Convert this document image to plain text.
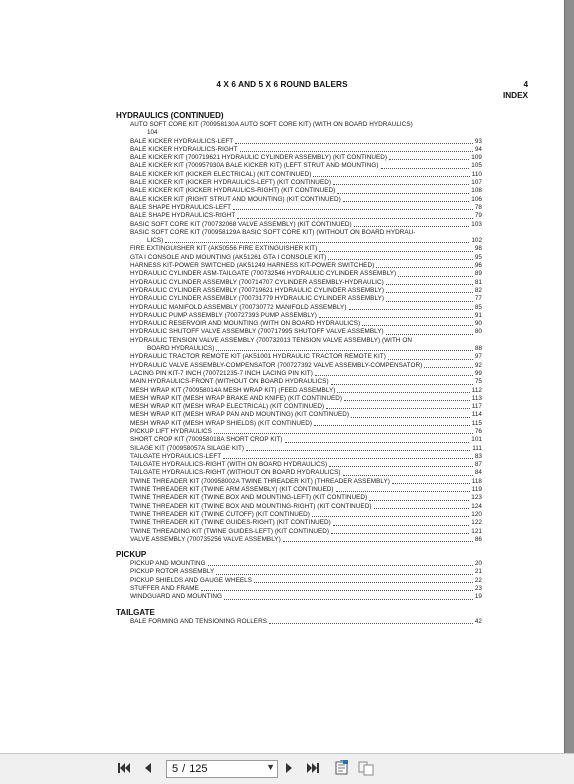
4 X 6 AND 5 X 6 ROUND BALERS	4
INDEX
HYDRAULICS (CONTINUED)
AUTO SOFT CORE KIT (700958130A AUTO SOFT CORE KIT) (WITH ON BOARD HYDRAULICS)
104
BALE KICKER HYDRAULICS-LEFT	93
BALE KICKER HYDRAULICS-RIGHT	94
BALE KICKER KIT (700719621 HYDRAULIC CYLINDER ASSEMBLY) (KIT CONTINUED)	109
BALE KICKER KIT (700957930A BALE KICKER KIT) (LEFT STRUT AND MOUNTING)	105
BALE KICKER KIT (KICKER ELECTRICAL) (KIT CONTINUED)	110
BALE KICKER KIT (KICKER HYDRAULICS-LEFT) (KIT CONTINUED)	107
BALE KICKER KIT (KICKER HYDRAULICS-RIGHT) (KIT CONTINUED)	108
BALE KICKER KIT (RIGHT STRUT AND MOUNTING) (KIT CONTINUED)	106
BALE SHAPE HYDRAULICS-LEFT	78
BALE SHAPE HYDRAULICS-RIGHT	79
BASIC SOFT CORE KIT (700732068 VALVE ASSEMBLY) (KIT CONTINUED)	103
BASIC SOFT CORE KIT (700958129A BASIC SOFT CORE KIT) (WITHOUT ON BOARD HYDRAU-
LICS)	102
FIRE EXTINGUISHER KIT (AK50556 FIRE EXTINGUISHER KIT)	98
GTA I CONSOLE AND MOUNTING (AK51261 GTA I CONSOLE KIT)	95
HARNESS KIT-POWER SWITCHED (AK51249 HARNESS KIT-POWER SWITCHED)	96
HYDRAULIC CYLINDER ASM-TAILGATE (700732546 HYDRAULIC CYLINDER ASSEMBLY)	89
HYDRAULIC CYLINDER ASSEMBLY (700714707 CYLINDER ASSEMBLY-HYDRAULIC)	81
HYDRAULIC CYLINDER ASSEMBLY (700719621 HYDRAULIC CYLINDER ASSEMBLY)	82
HYDRAULIC CYLINDER ASSEMBLY (700731779 HYDRAULIC CYLINDER ASSEMBLY)	77
HYDRAULIC MANIFOLD ASSEMBLY (700730772 MANIFOLD ASSEMBLY)	85
HYDRAULIC PUMP ASSEMBLY (700727393 PUMP ASSEMBLY)	91
HYDRAULIC RESERVOIR AND MOUNTING (WITH ON BOARD HYDRAULICS)	90
HYDRAULIC SHUTOFF VALVE ASSEMBLY (700717995 SHUTOFF VALVE ASSEMBLY)	80
HYDRAULIC TENSION VALVE ASSEMBLY (700732013 TENSION VALVE ASSEMBLY) (WITH ON
BOARD HYDRAULICS)	88
HYDRAULIC TRACTOR REMOTE KIT (AK51001 HYDRAULIC TRACTOR REMOTE KIT)	97
HYDRAULIC VALVE ASSEMBLY-COMPENSATOR (700727392 VALVE ASSEMBLY-COMPENSATOR)	92
LACING PIN KIT-7 INCH (700721235-7 INCH LACING PIN KIT)	99
MAIN HYDRAULICS-FRONT (WITHOUT ON BOARD HYDRAULICS)	75
MESH WRAP KIT (700958014A MESH WRAP KIT) (FEED ASSEMBLY)	112
MESH WRAP KIT (MESH WRAP BRAKE AND KNIFE) (KIT CONTINUED)	113
MESH WRAP KIT (MESH WRAP ELECTRICAL) (KIT CONTINUED)	117
MESH WRAP KIT (MESH WRAP PAN AND MOUNTING) (KIT CONTINUED)	114
MESH WRAP KIT (MESH WRAP SHIELDS) (KIT CONTINUED)	115
PICKUP LIFT HYDRAULICS	76
SHORT CROP KIT (700958018A SHORT CROP KIT)	101
SILAGE KIT (700958057A SILAGE KIT)	111
TAILGATE HYDRAULICS-LEFT	83
TAILGATE HYDRAULICS-RIGHT (WITH ON BOARD HYDRAULICS)	87
TAILGATE HYDRAULICS-RIGHT (WITHOUT ON BOARD HYDRAULICS)	84
TWINE THREADER KIT (700958002A TWINE THREADER KIT) (THREADER ASSEMBLY)	118
TWINE THREADER KIT (TWINE ARM ASSEMBLY) (KIT CONTINUED)	119
TWINE THREADER KIT (TWINE BOX AND MOUNTING-LEFT) (KIT CONTINUED)	123
TWINE THREADER KIT (TWINE BOX AND MOUNTING-RIGHT) (KIT CONTINUED)	124
TWINE THREADER KIT (TWINE CUTOFF) (KIT CONTINUED)	120
TWINE THREADER KIT (TWINE GUIDES-RIGHT) (KIT CONTINUED)	122
TWINE THREADING KIT (TWINE GUIDES-LEFT) (KIT CONTINUED)	121
VALVE ASSEMBLY (700735256 VALVE ASSEMBLY)	86
PICKUP
PICKUP AND MOUNTING	20
PICKUP ROTOR ASSEMBLY	21
PICKUP SHIELDS AND GAUGE WHEELS	22
STUFFER AND FRAME	23
WINDGUARD AND MOUNTING	19
TAILGATE
BALE FORMING AND TENSIONING ROLLERS	42
5 / 125	▼
